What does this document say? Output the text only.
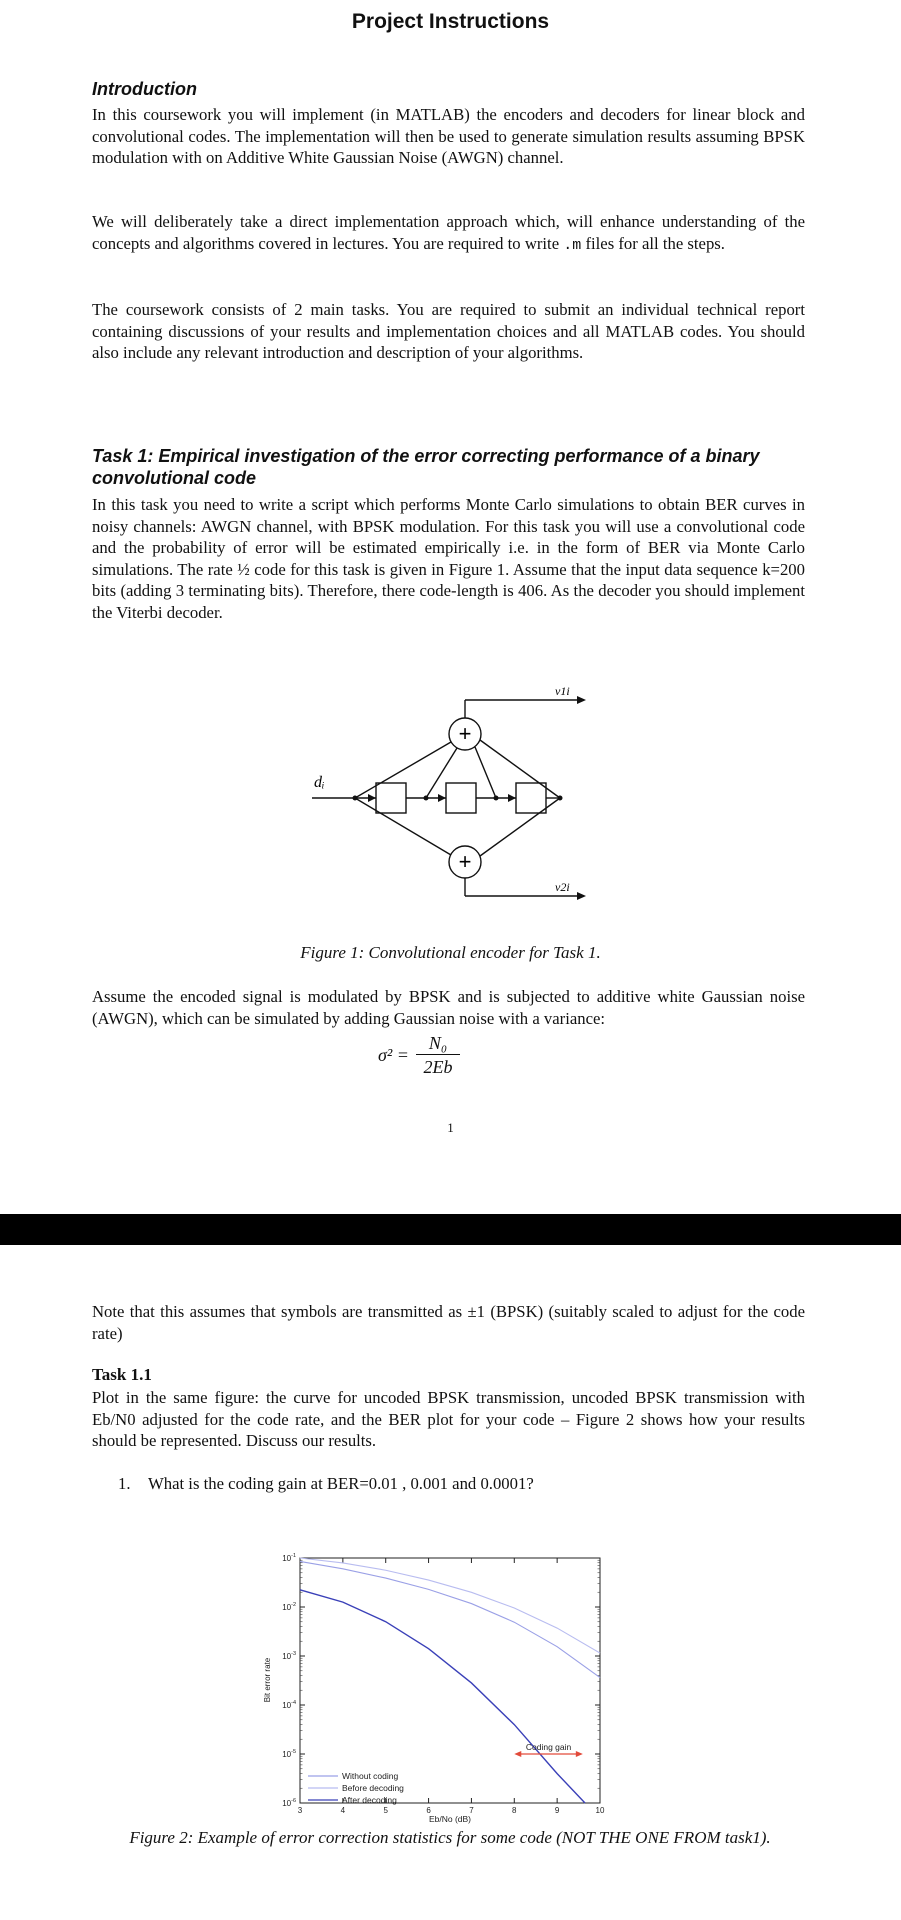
Project Instructions

Introduction

In this coursework you will implement (in MATLAB) the encoders and decoders for linear block and convolutional codes. The implementation will then be used to generate simulation results assuming BPSK modulation with on Additive White Gaussian Noise (AWGN) channel.

We will deliberately take a direct implementation approach which, will enhance understanding of the concepts and algorithms covered in lectures. You are required to write .m files for all the steps.

The coursework consists of 2 main tasks. You are required to submit an individual technical report containing discussions of your results and implementation choices and all MATLAB codes. You should also include any relevant introduction and description of your algorithms.

Task 1: Empirical investigation of the error correcting performance of a binary convolutional code

In this task you need to write a script which performs Monte Carlo simulations to obtain BER curves in noisy channels: AWGN channel, with BPSK modulation. For this task you will use a convolutional code and the probability of error will be estimated empirically i.e. in the form of BER via Monte Carlo simulations. The rate ½ code for this task is given in Figure 1. Assume that the input data sequence k=200 bits (adding 3 terminating bits). Therefore, there code-length is 406. As the decoder you should implement the Viterbi decoder.

+
+
dᵢ
v1i
v2i

Figure 1: Convolutional encoder for Task 1.

Assume the encoded signal is modulated by BPSK and is subjected to additive white Gaussian noise (AWGN), which can be simulated by adding Gaussian noise with a variance:

$\sigma^2 = \frac{\text{N₀}}{2Eb}$
1

Note that this assumes that symbols are transmitted as ±1 (BPSK) (suitably scaled to adjust for the code rate)

Task 1.1

Plot in the same figure: the curve for uncoded BPSK transmission, uncoded BPSK transmission with Eb/N0 adjusted for the code rate, and the BER plot for your code – Figure 2 shows how your results should be represented. Discuss our results.

1. What is the coding gain at BER=0.01 , 0.001 and 0.0001?

$10^{-1}$
$10^{-2}$
$10^{-3}$
$10^{-4}$
$10^{-5}$
$10^{-6}$
3	4	5	6	7	8	9	10
Without coding
Before decoding
After decoding
Coding gain
Eb/No (dB)
Bit error rate

Figure 2: Example of error correction statistics for some code (NOT THE ONE FROM task1).
